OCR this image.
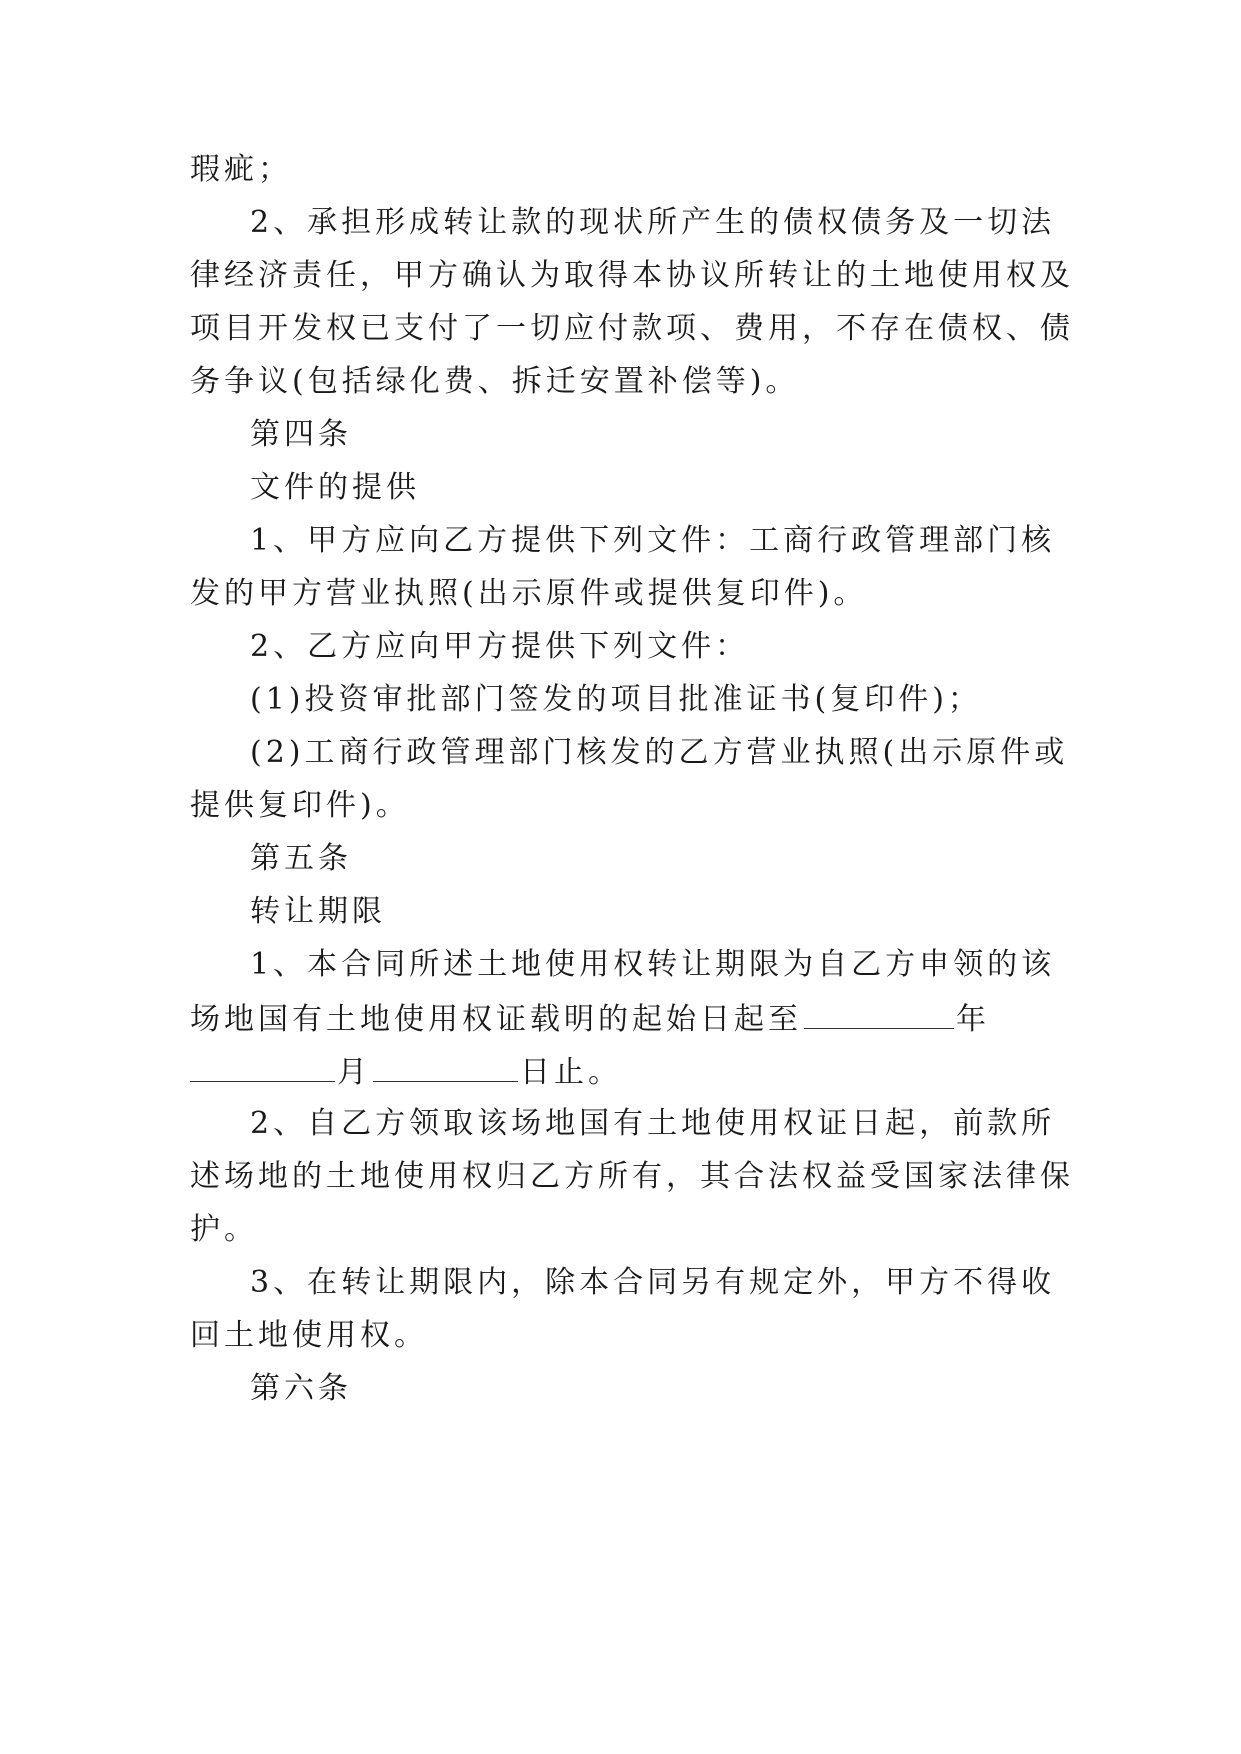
瑕疵；
2、承担形成转让款的现状所产生的债权债务及一切法
律经济责任，甲方确认为取得本协议所转让的土地使用权及
项目开发权已支付了一切应付款项、费用，不存在债权、债
务争议(包括绿化费、拆迁安置补偿等)。
第四条
文件的提供
1、甲方应向乙方提供下列文件：工商行政管理部门核
发的甲方营业执照(出示原件或提供复印件)。
2、乙方应向甲方提供下列文件：
(1)投资审批部门签发的项目批准证书(复印件)；
(2)工商行政管理部门核发的乙方营业执照(出示原件或
提供复印件)。
第五条
转让期限
1、本合同所述土地使用权转让期限为自乙方申领的该
场地国有土地使用权证载明的起始日起至	年
月	日止。
2、自乙方领取该场地国有土地使用权证日起，前款所
述场地的土地使用权归乙方所有，其合法权益受国家法律保
护。
3、在转让期限内，除本合同另有规定外，甲方不得收
回土地使用权。
第六条
